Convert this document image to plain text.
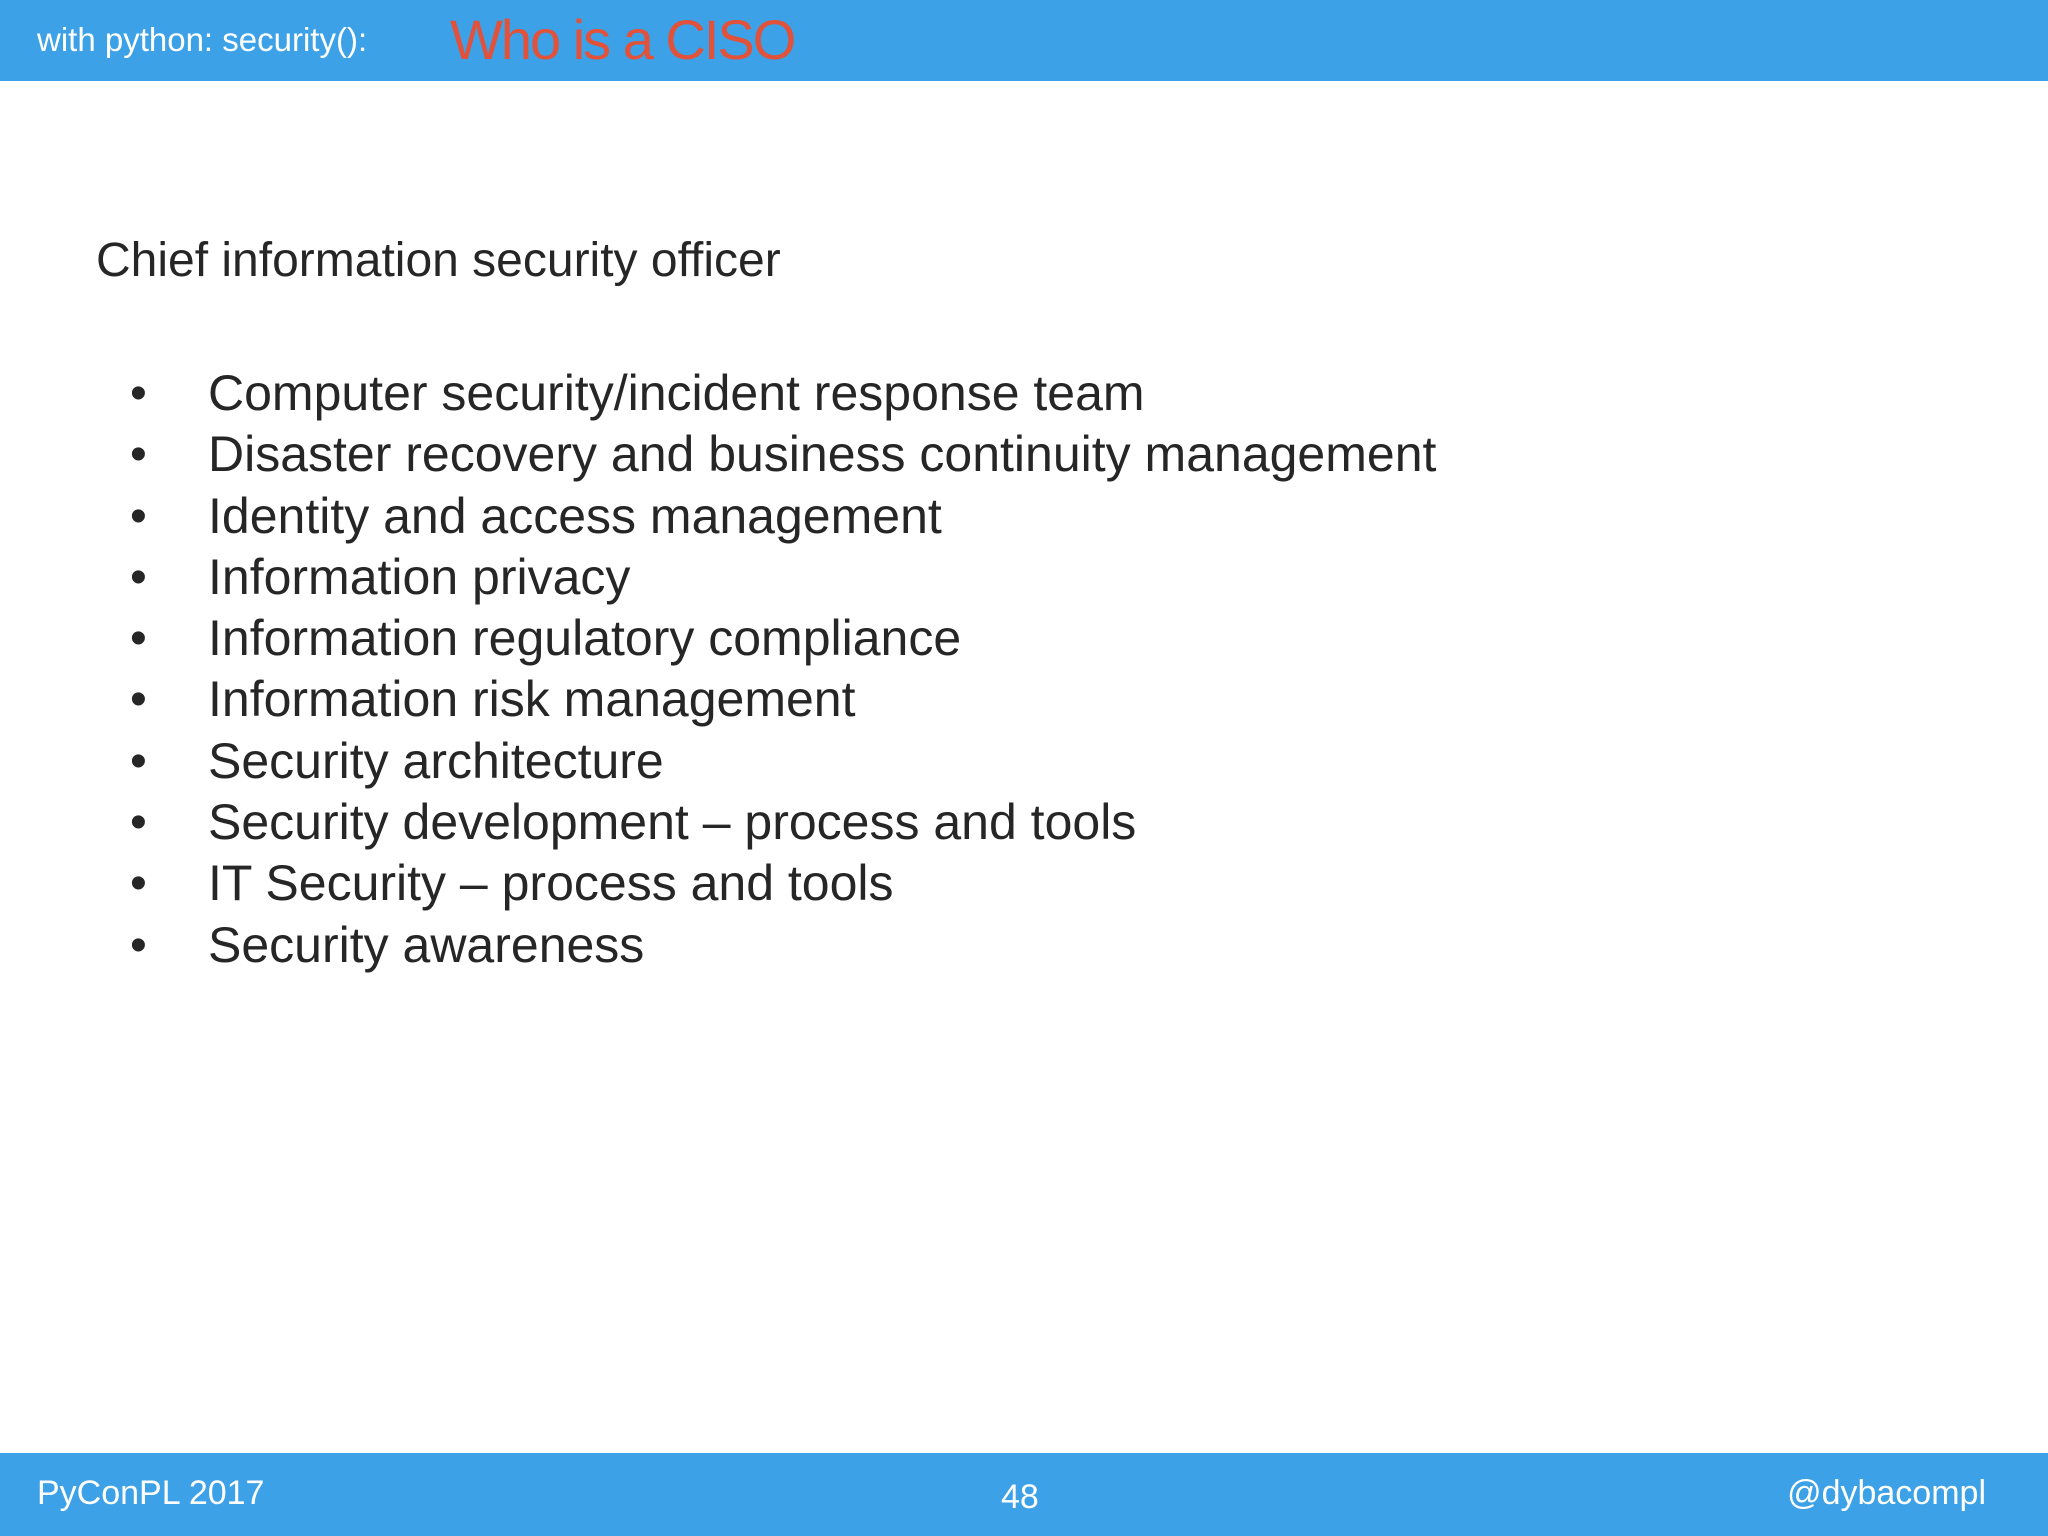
with python: security(): Who is a CISO
Chief information security officer
• Computer security/incident response team
• Disaster recovery and business continuity management
• Identity and access management
• Information privacy
• Information regulatory compliance
• Information risk management
• Security architecture
• Security development – process and tools
• IT Security – process and tools
• Security awareness
PyConPL 2017	48	@dybacompl
